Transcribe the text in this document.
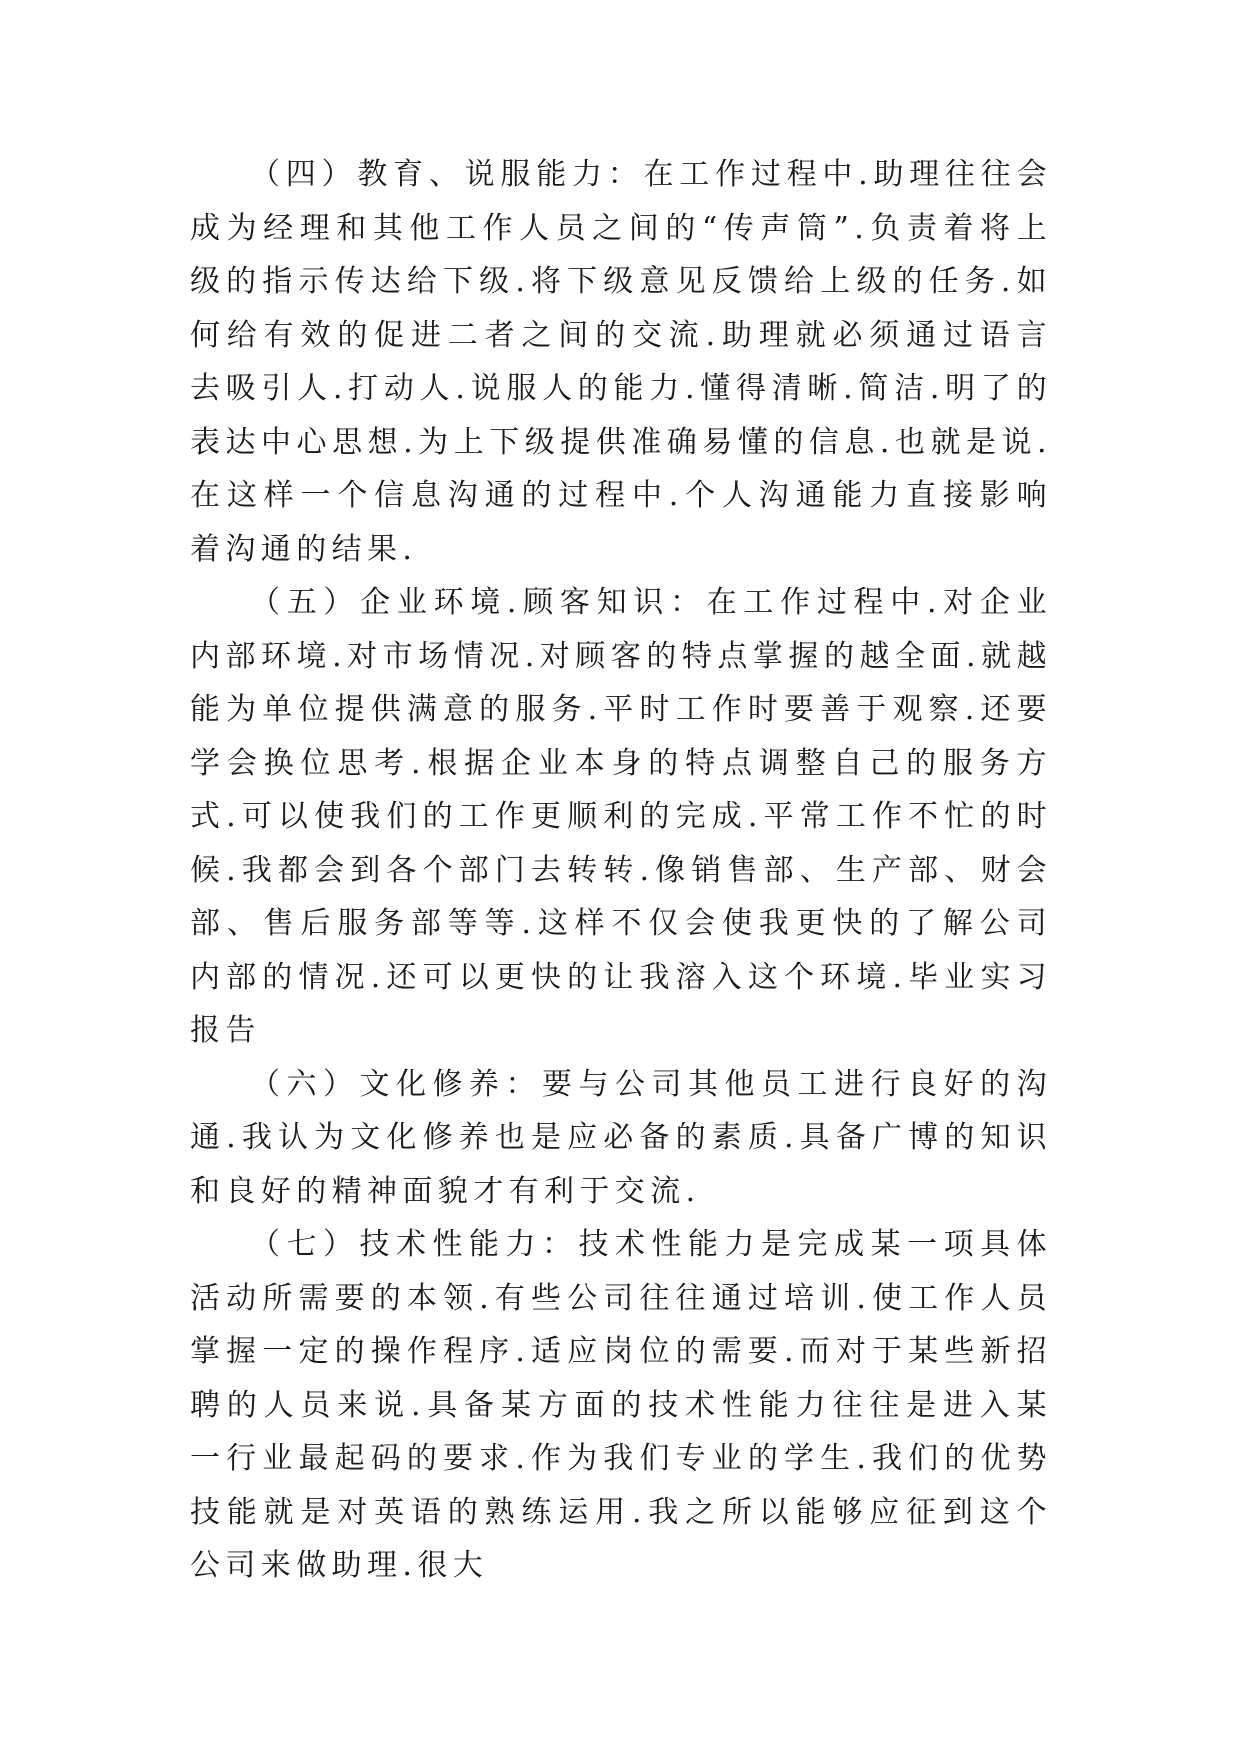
（四）教育、说服能力：在工作过程中.助理往往会成为经理和其他工作人员之间的“传声筒”.负责着将上级的指示传达给下级.将下级意见反馈给上级的任务.如何给有效的促进二者之间的交流.助理就必须通过语言去吸引人.打动人.说服人的能力.懂得清晰.简洁.明了的表达中心思想.为上下级提供准确易懂的信息.也就是说.在这样一个信息沟通的过程中.个人沟通能力直接影响着沟通的结果.

（五）企业环境.顾客知识：在工作过程中.对企业内部环境.对市场情况.对顾客的特点掌握的越全面.就越能为单位提供满意的服务.平时工作时要善于观察.还要学会换位思考.根据企业本身的特点调整自己的服务方式.可以使我们的工作更顺利的完成.平常工作不忙的时候.我都会到各个部门去转转.像销售部、生产部、财会部、售后服务部等等.这样不仅会使我更快的了解公司内部的情况.还可以更快的让我溶入这个环境.毕业实习报告

（六）文化修养：要与公司其他员工进行良好的沟通.我认为文化修养也是应必备的素质.具备广博的知识和良好的精神面貌才有利于交流.

（七）技术性能力：技术性能力是完成某一项具体活动所需要的本领.有些公司往往通过培训.使工作人员掌握一定的操作程序.适应岗位的需要.而对于某些新招聘的人员来说.具备某方面的技术性能力往往是进入某一行业最起码的要求.作为我们专业的学生.我们的优势技能就是对英语的熟练运用.我之所以能够应征到这个公司来做助理.很大
